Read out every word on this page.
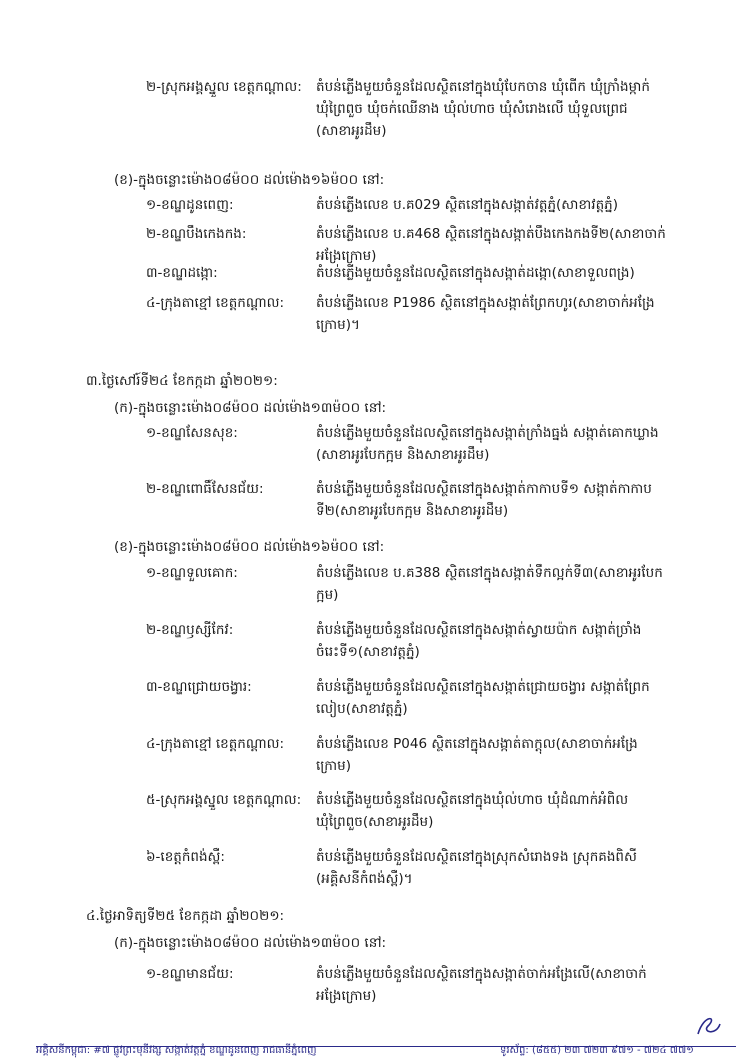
២-ស្រុកអង្គស្នួល ខេត្តកណ្តាល:	តំបន់ភ្លើងមួយចំនួនដែលស្ថិតនៅក្នុងឃុំបែកចាន ឃុំពើក ឃុំក្រាំងម្កាក់
ឃុំព្រៃពួច ឃុំចក់ឈើនាង ឃុំល់ហាច ឃុំសំរោងលើ ឃុំទួលព្រេជ
(សាខាអូរដឹម)
(ខ)-ក្នុងចន្លោះម៉ោង០៨ម៉០០ ដល់ម៉ោង១៦ម៉០០ នៅ:
១-ខណ្ឌដូនពេញ:	តំបន់ភ្លើងលេខ ប.គ029 ស្ថិតនៅក្នុងសង្កាត់វត្តភ្នំ(សាខាវត្តភ្នំ)
២-ខណ្ឌបឹងកេងកង:	តំបន់ភ្លើងលេខ ប.គ468 ស្ថិតនៅក្នុងសង្កាត់បឹងកេងកងទី២(សាខាចាក់
អង្រែក្រោម)
៣-ខណ្ឌដង្កោ:	តំបន់ភ្លើងមួយចំនួនដែលស្ថិតនៅក្នុងសង្កាត់ដង្កោ(សាខាទួលពង្រ)
៤-ក្រុងតាខ្មៅ ខេត្តកណ្តាល:	តំបន់ភ្លើងលេខ P1986 ស្ថិតនៅក្នុងសង្កាត់ព្រែកហូរ(សាខាចាក់អង្រែ
ក្រោម)។
៣.ថ្ងៃសៅរ៍ទី២៤ ខែកក្កដា ឆ្នាំ២០២១:
(ក)-ក្នុងចន្លោះម៉ោង០៨ម៉០០ ដល់ម៉ោង១៣ម៉០០ នៅ:
១-ខណ្ឌសែនសុខ:	តំបន់ភ្លើងមួយចំនួនដែលស្ថិតនៅក្នុងសង្កាត់ក្រាំងធ្នង់ សង្កាត់គោកឃ្លាង
(សាខាអូរបែកក្អម និងសាខាអូរដឹម)
២-ខណ្ឌពោធិ៍សែនជ័យ:	តំបន់ភ្លើងមួយចំនួនដែលស្ថិតនៅក្នុងសង្កាត់កាកាបទី១ សង្កាត់កាកាប
ទី២(សាខាអូរបែកក្អម និងសាខាអូរដឹម)
(ខ)-ក្នុងចន្លោះម៉ោង០៨ម៉០០ ដល់ម៉ោង១៦ម៉០០ នៅ:
១-ខណ្ឌទួលគោក:	តំបន់ភ្លើងលេខ ប.គ388 ស្ថិតនៅក្នុងសង្កាត់ទឹកល្អក់ទី៣(សាខាអូរបែក
ក្អម)
២-ខណ្ឌឫស្សីកែវ:	តំបន់ភ្លើងមួយចំនួនដែលស្ថិតនៅក្នុងសង្កាត់ស្វាយប៉ាក សង្កាត់ច្រាំង
ចំរេះទី១(សាខាវត្តភ្នំ)
៣-ខណ្ឌជ្រោយចង្វារ:	តំបន់ភ្លើងមួយចំនួនដែលស្ថិតនៅក្នុងសង្កាត់ជ្រោយចង្វារ សង្កាត់ព្រែក
លៀប(សាខាវត្តភ្នំ)
៤-ក្រុងតាខ្មៅ ខេត្តកណ្តាល:	តំបន់ភ្លើងលេខ P046 ស្ថិតនៅក្នុងសង្កាត់តាក្តុល(សាខាចាក់អង្រែ
ក្រោម)
៥-ស្រុកអង្គស្នួល ខេត្តកណ្តាល:	តំបន់ភ្លើងមួយចំនួនដែលស្ថិតនៅក្នុងឃុំល់ហាច ឃុំដំណាក់អំពិល
ឃុំព្រៃពួច(សាខាអូរដឹម)
៦-ខេត្តកំពង់ស្ពឺ:	តំបន់ភ្លើងមួយចំនួនដែលស្ថិតនៅក្នុងស្រុកសំរោងទង ស្រុកគងពិសី
(អគ្គិសនីកំពង់ស្ពឺ)។
៤.ថ្ងៃអាទិត្យទី២៥ ខែកក្កដា ឆ្នាំ២០២១:
(ក)-ក្នុងចន្លោះម៉ោង០៨ម៉០០ ដល់ម៉ោង១៣ម៉០០ នៅ:
១-ខណ្ឌមានជ័យ:	តំបន់ភ្លើងមួយចំនួនដែលស្ថិតនៅក្នុងសង្កាត់ចាក់អង្រែលើ(សាខាចាក់
អង្រែក្រោម)
អគ្គិសនីកម្ពុជា: #៧ ផ្លូវព្រះមុនីវង្ស សង្កាត់វត្តភ្នំ ខណ្ឌដូនពេញ រាជធានីភ្នំពេញ	ទូរស័ព្ទ: (៨៥៥) ២៣ ៧២៣ ៩៧១ - ៧២៤ ៧៧១
